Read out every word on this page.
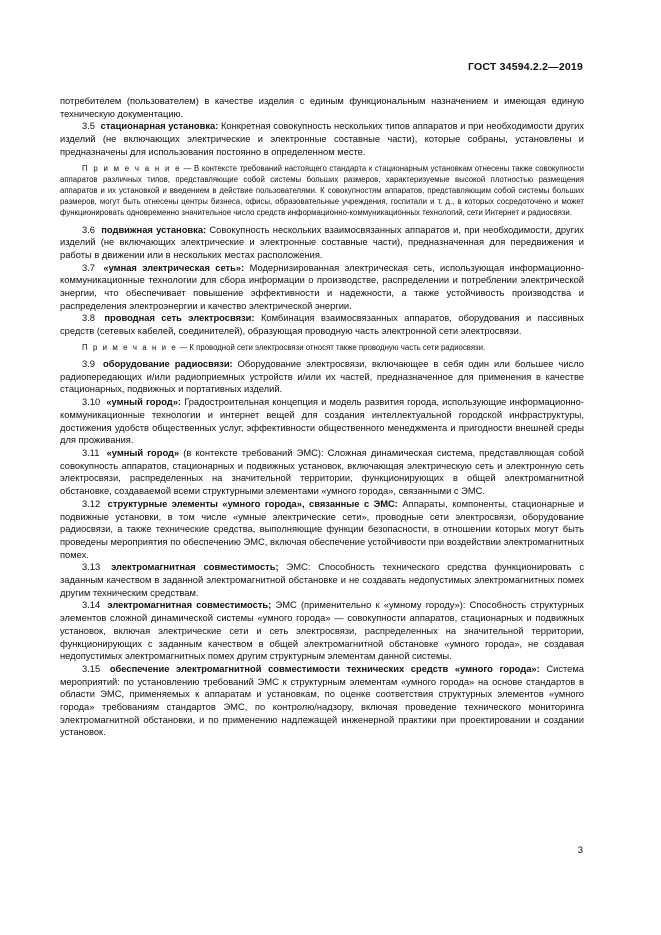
ГОСТ 34594.2.2—2019

потребителем (пользователем) в качестве изделия с единым функциональным назначением и имеющая единую техническую документацию.

3.5 стационарная установка: Конкретная совокупность нескольких типов аппаратов и при необходимости других изделий (не включающих электрические и электронные составные части), которые собраны, установлены и предназначены для использования постоянно в определенном месте.

П р и м е ч а н и е — В контексте требований настоящего стандарта к стационарным установкам отнесены также совокупности аппаратов различных типов, представляющие собой системы больших размеров, характеризуемые высокой плотностью размещения аппаратов и их установкой и введением в действие пользователями. К совокупностям аппаратов, представляющим собой системы больших размеров, могут быть отнесены центры бизнеса, офисы, образовательные учреждения, госпитали и т. д., в которых сосредоточено и может функционировать одновременно значительное число средств информационно-коммуникационных технологий, сети Интернет и радиосвязи.

3.6 подвижная установка: Совокупность нескольких взаимосвязанных аппаратов и, при необходимости, других изделий (не включающих электрические и электронные составные части), предназначенная для передвижения и работы в движении или в нескольких местах расположения.

3.7 «умная электрическая сеть»: Модернизированная электрическая сеть, использующая информационно-коммуникационные технологии для сбора информации о производстве, распределении и потреблении электрической энергии, что обеспечивает повышение эффективности и надежности, а также устойчивость производства и распределения электроэнергии и качество электрической энергии.

3.8 проводная сеть электросвязи: Комбинация взаимосвязанных аппаратов, оборудования и пассивных средств (сетевых кабелей, соединителей), образующая проводную часть электронной сети электросвязи.

П р и м е ч а н и е — К проводной сети электросвязи относят также проводную часть сети радиосвязи.

3.9 оборудование радиосвязи: Оборудование электросвязи, включающее в себя один или большее число радиопередающих и/или радиоприемных устройств и/или их частей, предназначенное для применения в качестве стационарных, подвижных и портативных изделий.

3.10 «умный город»: Градостроительная концепция и модель развития города, использующие информационно-коммуникационные технологии и интернет вещей для создания интеллектуальной городской инфраструктуры, достижения удобств общественных услуг, эффективности общественного менеджмента и пригодности внешней среды для проживания.

3.11 «умный город» (в контексте требований ЭМС): Сложная динамическая система, представляющая собой совокупность аппаратов, стационарных и подвижных установок, включающая электрическую сеть и электронную сеть электросвязи, распределенных на значительной территории, функционирующих в общей электромагнитной обстановке, создаваемой всеми структурными элементами «умного города», связанными с ЭМС.

3.12 структурные элементы «умного города», связанные с ЭМС: Аппараты, компоненты, стационарные и подвижные установки, в том числе «умные электрические сети», проводные сети электросвязи, оборудование радиосвязи, а также технические средства, выполняющие функции безопасности, в отношении которых могут быть проведены мероприятия по обеспечению ЭМС, включая обеспечение устойчивости при воздействии электромагнитных помех.

3.13 электромагнитная совместимость; ЭМС: Способность технического средства функционировать с заданным качеством в заданной электромагнитной обстановке и не создавать недопустимых электромагнитных помех другим техническим средствам.

3.14 электромагнитная совместимость; ЭМС (применительно к «умному городу»): Способность структурных элементов сложной динамической системы «умного города» — совокупности аппаратов, стационарных и подвижных установок, включая электрические сети и сеть электросвязи, распределенных на значительной территории, функционирующих с заданным качеством в общей электромагнитной обстановке «умного города», не создавая недопустимых электромагнитных помех другим структурным элементам данной системы.

3.15 обеспечение электромагнитной совместимости технических средств «умного города»: Система мероприятий: по установлению требований ЭМС к структурным элементам «умного города» на основе стандартов в области ЭМС, применяемых к аппаратам и установкам, по оценке соответствия структурных элементов «умного города» требованиям стандартов ЭМС, по контролю/надзору, включая проведение технического мониторинга электромагнитной обстановки, и по применению надлежащей инженерной практики при проектировании и создании установок.

3
